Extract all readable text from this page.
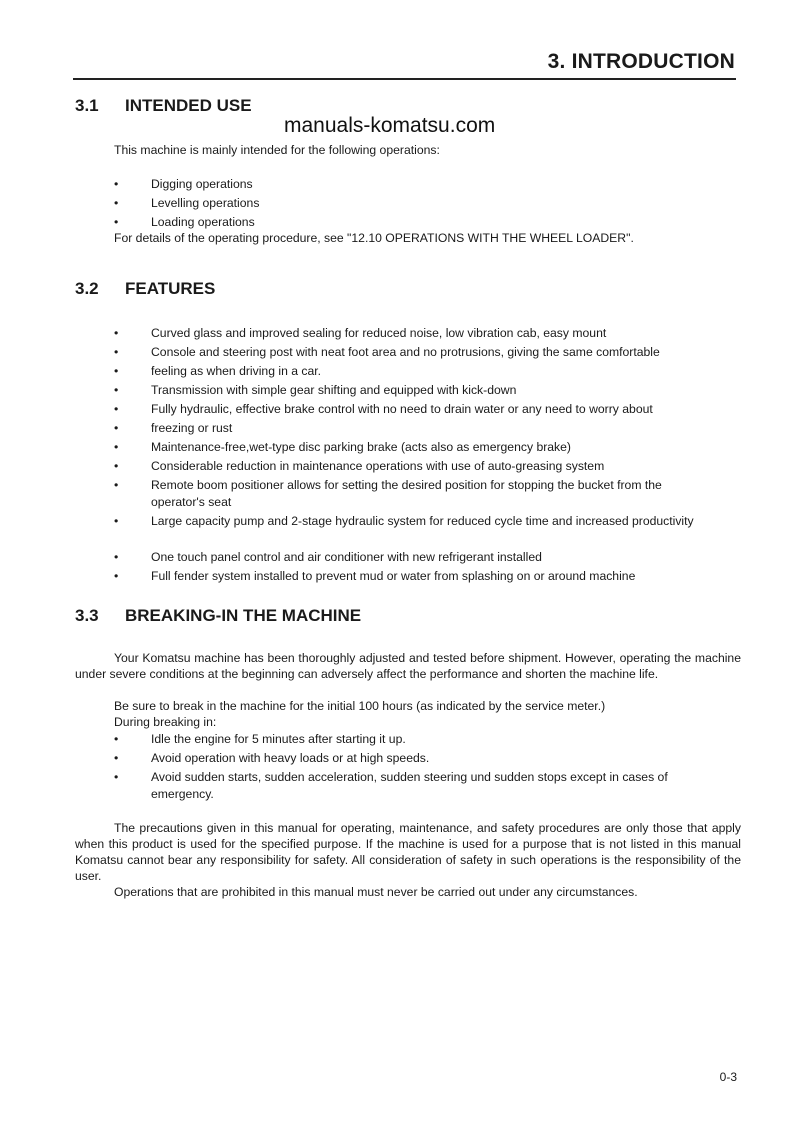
3. INTRODUCTION
3.1 INTENDED USE
manuals-komatsu.com
This machine is mainly intended for the following operations:
•	Digging operations
•	Levelling operations
•	Loading operations
For details of the operating procedure, see "12.10 OPERATIONS WITH THE WHEEL LOADER".
3.2 FEATURES
•	Curved glass and improved sealing for reduced noise, low vibration cab, easy mount
•	Console and steering post with neat foot area and no protrusions, giving the same comfortable
•	feeling as when driving in a car.
•	Transmission with simple gear shifting and equipped with kick-down
•	Fully hydraulic, effective brake control with no need to drain water or any need to worry about
•	freezing or rust
•	Maintenance-free,wet-type disc parking brake (acts also as emergency brake)
•	Considerable reduction in maintenance operations with use of auto-greasing system
•	Remote boom positioner allows for setting the desired position for stopping the bucket from the operator's seat
•	Large capacity pump and 2-stage hydraulic system for reduced cycle time and increased productivity
•	One touch panel control and air conditioner with new refrigerant installed
•	Full fender system installed to prevent mud or water from splashing on or around machine
3.3 BREAKING-IN THE MACHINE
Your Komatsu machine has been thoroughly adjusted and tested before shipment. However, operating the machine under severe conditions at the beginning can adversely affect the performance and shorten the machine life.
Be sure to break in the machine for the initial 100 hours (as indicated by the service meter.)
During breaking in:
•	Idle the engine for 5 minutes after starting it up.
•	Avoid operation with heavy loads or at high speeds.
•	Avoid sudden starts, sudden acceleration, sudden steering und sudden stops except in cases of emergency.
The precautions given in this manual for operating, maintenance, and safety procedures are only those that apply when this product is used for the specified purpose. If the machine is used for a purpose that is not listed in this manual Komatsu cannot bear any responsibility for safety. All consideration of safety in such operations is the responsibility of the user.
Operations that are prohibited in this manual must never be carried out under any circumstances.
0-3
